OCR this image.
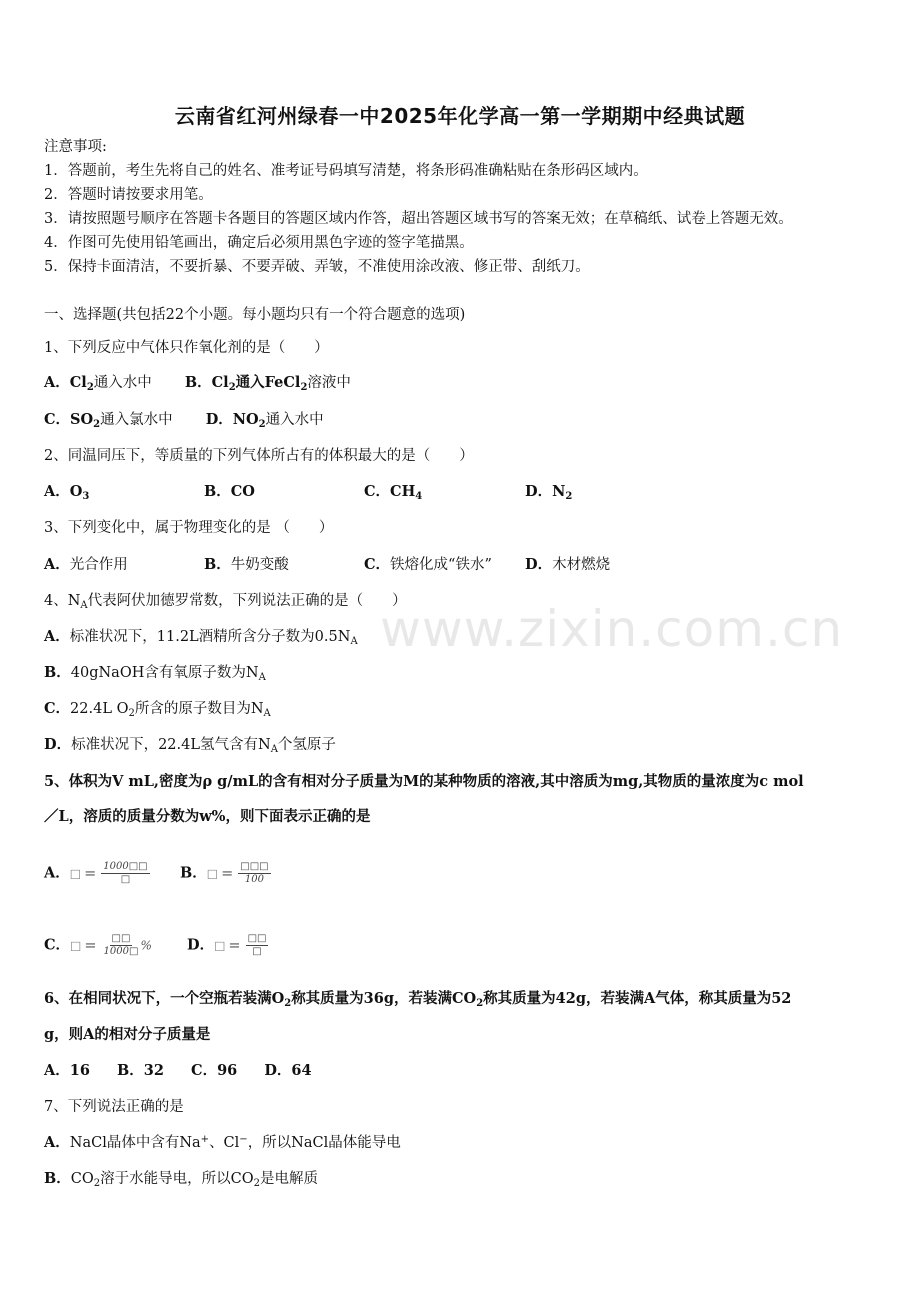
www.zixin.com.cn
云南省红河州绿春一中2025年化学高一第一学期期中经典试题
注意事项:
1．答题前，考生先将自己的姓名、准考证号码填写清楚，将条形码准确粘贴在条形码区域内。
2．答题时请按要求用笔。
3．请按照题号顺序在答题卡各题目的答题区域内作答，超出答题区域书写的答案无效；在草稿纸、试卷上答题无效。
4．作图可先使用铅笔画出，确定后必须用黑色字迹的签字笔描黑。
5．保持卡面清洁，不要折暴、不要弄破、弄皱，不准使用涂改液、修正带、刮纸刀。
一、选择题(共包括22个小题。每小题均只有一个符合题意的选项)
1、下列反应中气体只作氧化剂的是（　　）
A．$Cl_2$通入水中 B．$Cl_2$通入FeCl$_2$溶液中
C．$SO_2$通入氯水中 D．$NO_2$通入水中
2、同温同压下，等质量的下列气体所占有的体积最大的是（　　）
A．$O_3$	B．CO	C．$CH_4$	D．$N_2$
3、下列变化中，属于物理变化的是 （　　）
A．光合作用	B．牛奶变酸	C．铁熔化成“铁水” D．木材燃烧
4、$N_A$代表阿伏加德罗常数，下列说法正确的是（　　）
A．标准状况下，11.2L酒精所含分子数为$0.5N_A$
B．40gNaOH含有氧原子数为$N_A$
C．22.4L $O_2$所含的原子数目为$N_A$
D．标准状况下，22.4L氢气含有$N_A$个氢原子
5、体积为V mL,密度为ρ g/mL的含有相对分子质量为M的某种物质的溶液,其中溶质为mg,其物质的量浓度为c mol
／L，溶质的质量分数为w%，则下面表示正确的是
A．□ = $\frac{1000□□}{□}$ B．□ = $\frac{□□□}{100}$
C．□ = $\frac{□□}{1000□}$ % D．□ = $\frac{□□}{□}$
6、在相同状况下，一个空瓶若装满$O_2$称其质量为36g，若装满$CO_2$称其质量为42g，若装满A气体，称其质量为52
g，则A的相对分子质量是
A．16 B．32 C．96 D．64
7、下列说法正确的是
A．NaCl晶体中含有Na+、Cl−，所以NaCl晶体能导电
B．$CO_2$溶于水能导电，所以$CO_2$是电解质
